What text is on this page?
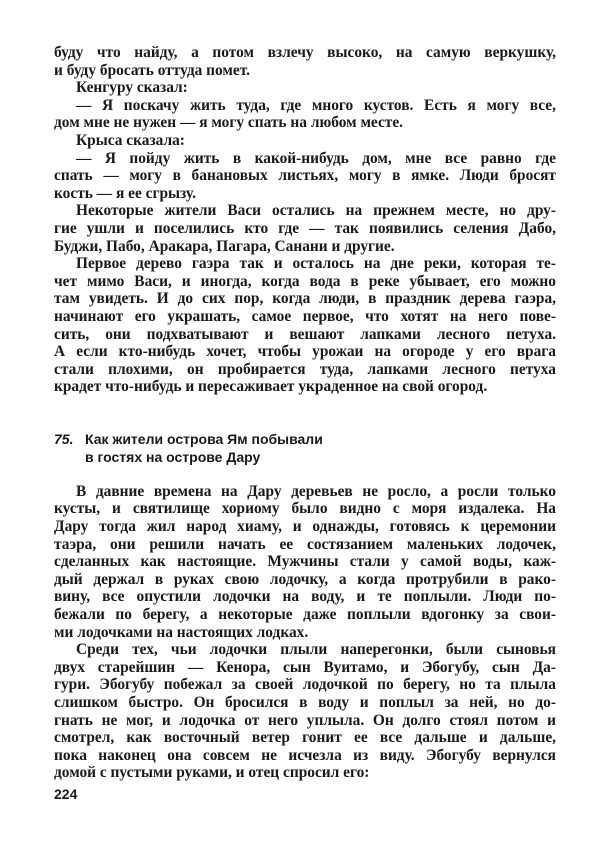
буду что найду, а потом взлечу высоко, на самую веркушку,
и буду бросать оттуда помет.
Кенгуру сказал:
— Я поскачу жить туда, где много кустов. Есть я могу все,
дом мне не нужен — я могу спать на любом месте.
Крыса сказала:
— Я пойду жить в какой-нибудь дом, мне все равно где
спать — могу в банановых листьях, могу в ямке. Люди бросят
кость — я ее сгрызу.
Некоторые жители Васи остались на прежнем месте, но дру-
гие ушли и поселились кто где — так появились селения Дабо,
Буджи, Пабо, Аракара, Пагара, Санани и другие.
Первое дерево гаэра так и осталось на дне реки, которая те-
чет мимо Васи, и иногда, когда вода в реке убывает, его можно
там увидеть. И до сих пор, когда люди, в праздник дерева гаэра,
начинают его украшать, самое первое, что хотят на него пове-
сить, они подхватывают и вешают лапками лесного петуха.
А если кто-нибудь хочет, чтобы урожаи на огороде у его врага
стали плохими, он пробирается туда, лапками лесного петуха
крадет что-нибудь и пересаживает украденное на свой огород.
75. Как жители острова Ям побывали
в гостях на острове Дару
В давние времена на Дару деревьев не росло, а росли только
кусты, и святилище хориому было видно с моря издалека. На
Дару тогда жил народ хиаму, и однажды, готовясь к церемонии
таэра, они решили начать ее состязанием маленьких лодочек,
сделанных как настоящие. Мужчины стали у самой воды, каж-
дый держал в руках свою лодочку, а когда протрубили в рако-
вину, все опустили лодочки на воду, и те поплыли. Люди по-
бежали по берегу, а некоторые даже поплыли вдогонку за свои-
ми лодочками на настоящих лодках.
Среди тех, чьи лодочки плыли наперегонки, были сыновья
двух старейшин — Кенора, сын Вуитамо, и Эбогубу, сын Да-
гури. Эбогубу побежал за своей лодочкой по берегу, но та плыла
слишком быстро. Он бросился в воду и поплыл за ней, но до-
гнать не мог, и лодочка от него уплыла. Он долго стоял потом и
смотрел, как восточный ветер гонит ее все дальше и дальше,
пока наконец она совсем не исчезла из виду. Эбогубу вернулся
домой с пустыми руками, и отец спросил его:
224
